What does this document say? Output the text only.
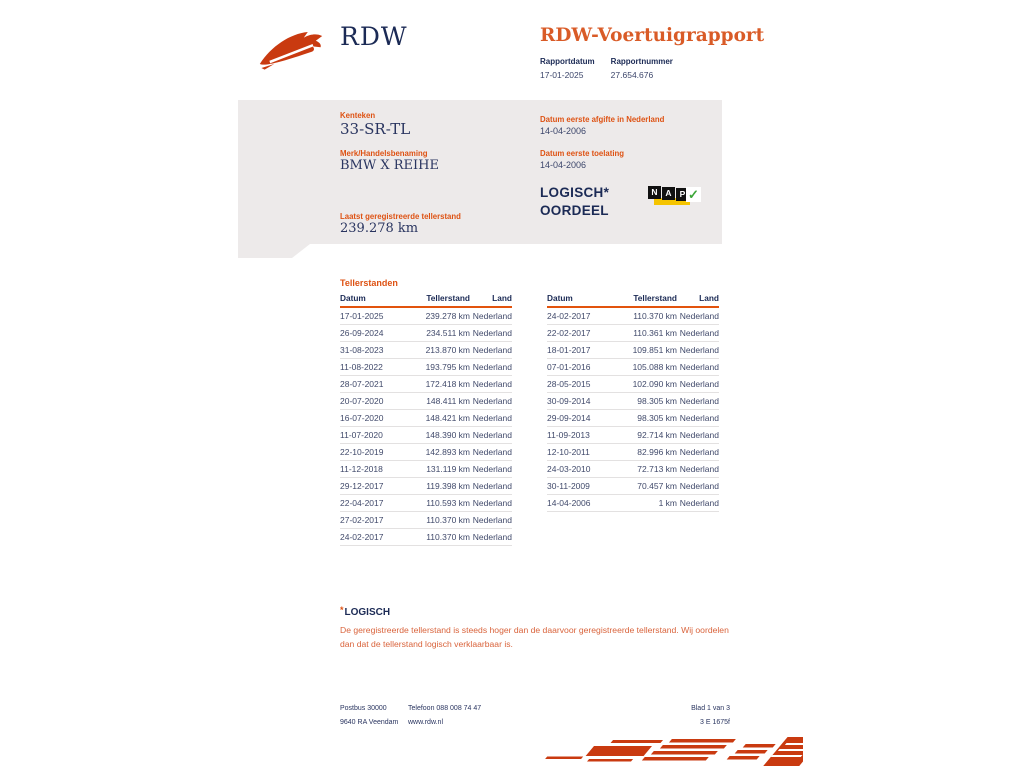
RDW	RDW-Voertuigrapport
Rapportdatum
17-01-2025
Rapportnummer
27.654.676
Kenteken
33-SR-TL
Merk/Handelsbenaming
BMW X REIHE
Laatst geregistreerde tellerstand
239.278 km
Datum eerste afgifte in Nederland
14-04-2006
Datum eerste toelating
14-04-2006
LOGISCH*
OORDEEL
N A P ✓
Tellerstanden
Datum	Tellerstand	Land
17-01-2025	239.278 km	Nederland
26-09-2024	234.511 km	Nederland
31-08-2023	213.870 km	Nederland
11-08-2022	193.795 km	Nederland
28-07-2021	172.418 km	Nederland
20-07-2020	148.411 km	Nederland
16-07-2020	148.421 km	Nederland
11-07-2020	148.390 km	Nederland
22-10-2019	142.893 km	Nederland
11-12-2018	131.119 km	Nederland
29-12-2017	119.398 km	Nederland
22-04-2017	110.593 km	Nederland
27-02-2017	110.370 km	Nederland
24-02-2017	110.370 km	Nederland
Datum	Tellerstand	Land
24-02-2017	110.370 km	Nederland
22-02-2017	110.361 km	Nederland
18-01-2017	109.851 km	Nederland
07-01-2016	105.088 km	Nederland
28-05-2015	102.090 km	Nederland
30-09-2014	98.305 km	Nederland
29-09-2014	98.305 km	Nederland
11-09-2013	92.714 km	Nederland
12-10-2011	82.996 km	Nederland
24-03-2010	72.713 km	Nederland
30-11-2009	70.457 km	Nederland
14-04-2006	1 km	Nederland
*LOGISCH
De geregistreerde tellerstand is steeds hoger dan de daarvoor geregistreerde tellerstand. Wij oordelen dan dat de tellerstand logisch verklaarbaar is.
Postbus 30000
9640 RA Veendam
Telefoon 088 008 74 47
www.rdw.nl
Blad 1 van 3
3 E 1675f
